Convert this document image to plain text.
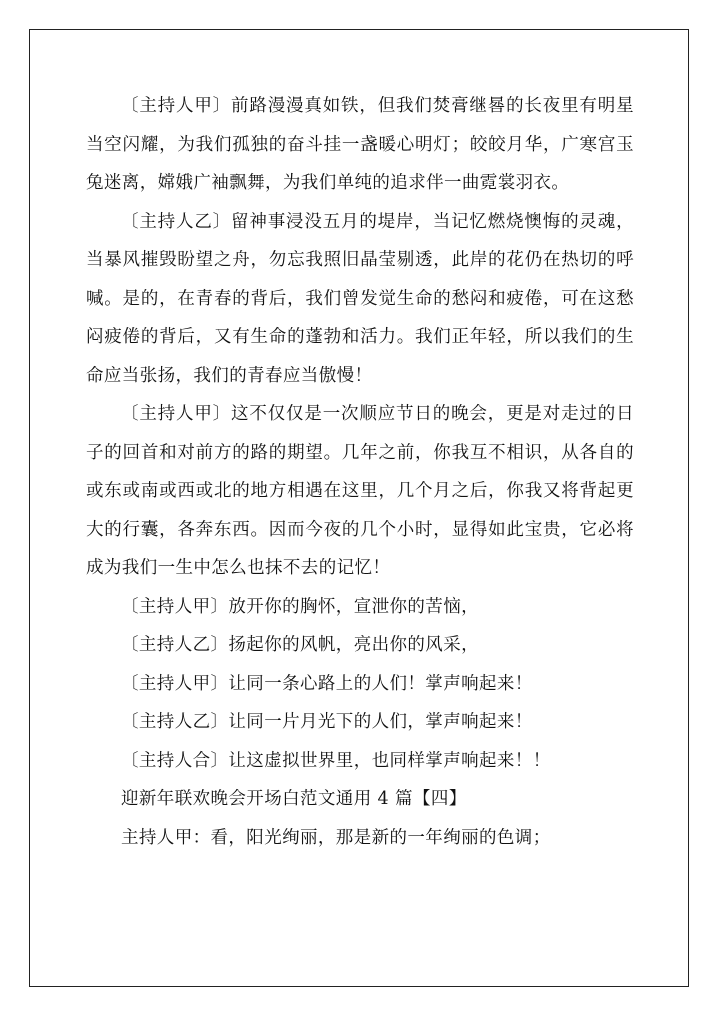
〔主持人甲〕前路漫漫真如铁，但我们焚膏继晷的长夜里有明星当空闪耀，为我们孤独的奋斗挂一盏暖心明灯；皎皎月华，广寒宫玉兔迷离，嫦娥广袖飘舞，为我们单纯的追求伴一曲霓裳羽衣。

〔主持人乙〕留神事浸没五月的堤岸，当记忆燃烧懊悔的灵魂，当暴风摧毁盼望之舟，勿忘我照旧晶莹剔透，此岸的花仍在热切的呼喊。是的，在青春的背后，我们曾发觉生命的愁闷和疲倦，可在这愁闷疲倦的背后，又有生命的蓬勃和活力。我们正年轻，所以我们的生命应当张扬，我们的青春应当傲慢！

〔主持人甲〕这不仅仅是一次顺应节日的晚会，更是对走过的日子的回首和对前方的路的期望。几年之前，你我互不相识，从各自的或东或南或西或北的地方相遇在这里，几个月之后，你我又将背起更大的行囊，各奔东西。因而今夜的几个小时，显得如此宝贵，它必将成为我们一生中怎么也抹不去的记忆！

〔主持人甲〕放开你的胸怀，宣泄你的苦恼，

〔主持人乙〕扬起你的风帆，亮出你的风采，

〔主持人甲〕让同一条心路上的人们！掌声响起来！

〔主持人乙〕让同一片月光下的人们，掌声响起来！

〔主持人合〕让这虚拟世界里，也同样掌声响起来！！

迎新年联欢晚会开场白范文通用 4 篇【四】

主持人甲：看，阳光绚丽，那是新的一年绚丽的色调；
